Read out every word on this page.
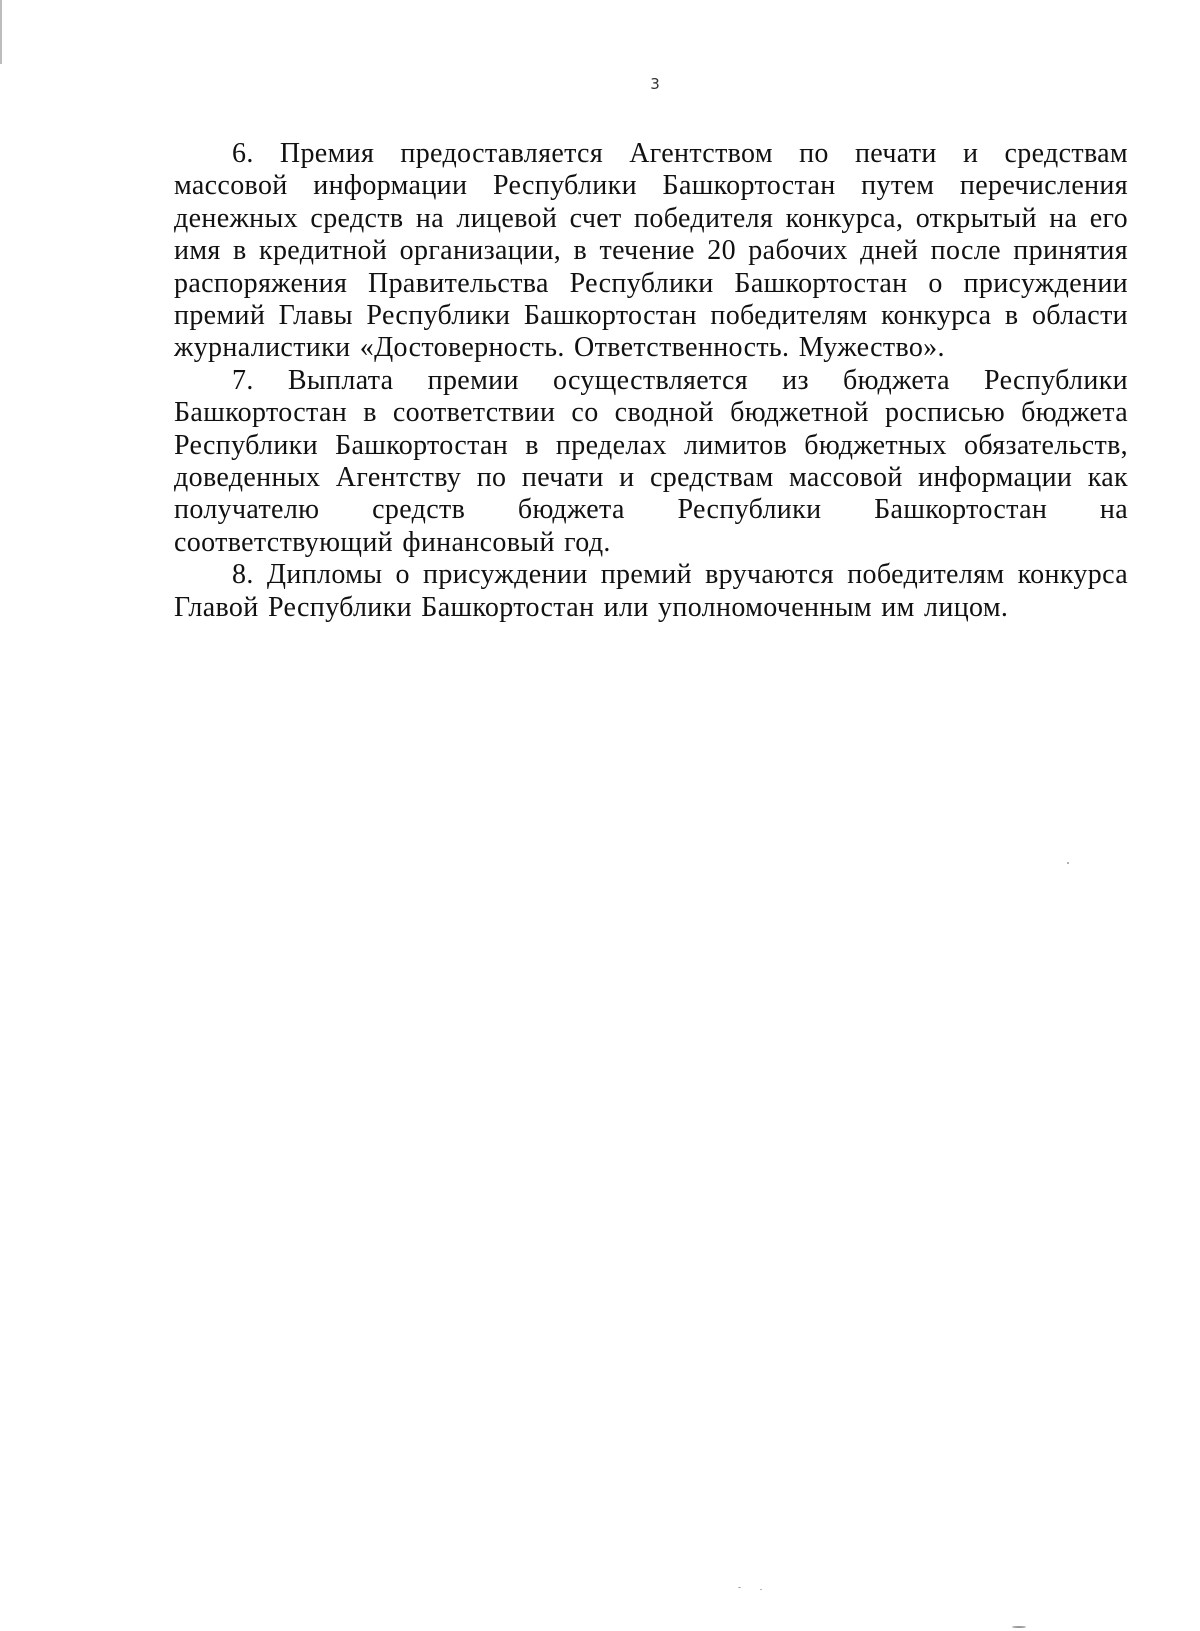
3

6. Премия предоставляется Агентством по печати и средствам массовой информации Республики Башкортостан путем перечисления денежных средств на лицевой счет победителя конкурса, открытый на его имя в кредитной организации, в течение 20 рабочих дней после принятия распоряжения Правительства Республики Башкортостан о присуждении премий Главы Республики Башкортостан победителям конкурса в области журналистики «Достоверность. Ответственность. Мужество».

7. Выплата премии осуществляется из бюджета Республики Башкортостан в соответствии со сводной бюджетной росписью бюджета Республики Башкортостан в пределах лимитов бюджетных обязательств, доведенных Агентству по печати и средствам массовой информации как получателю средств бюджета Республики Башкортостан на соответствующий финансовый год.

8. Дипломы о присуждении премий вручаются победителям конкурса Главой Республики Башкортостан или уполномоченным им лицом.
